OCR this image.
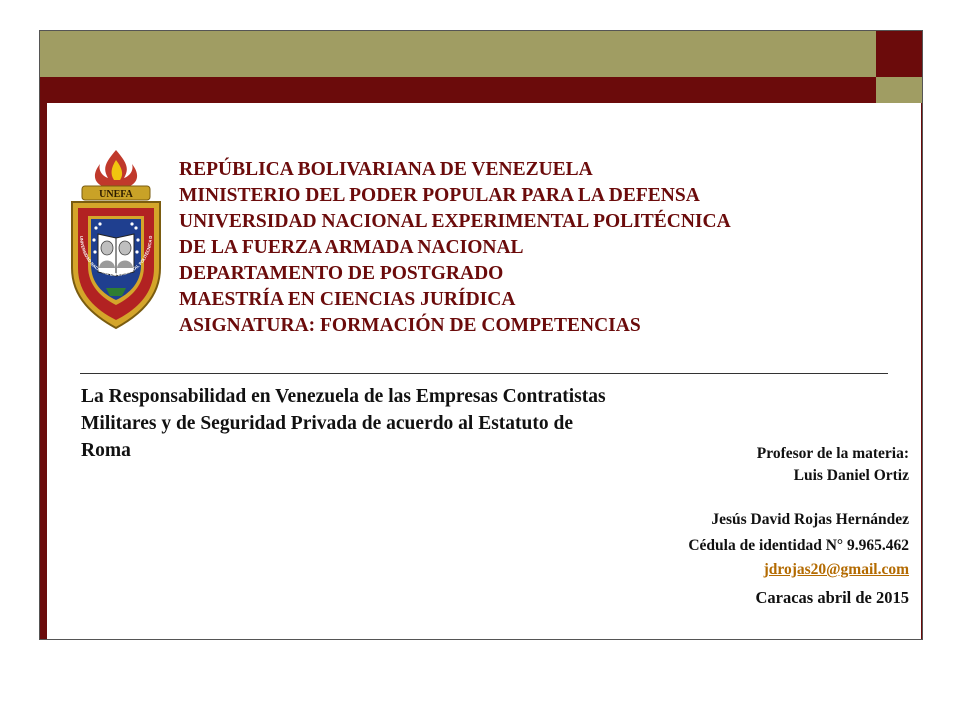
UNEFA
UNIVERSIDAD NACIONAL EXPERIMENTAL POLITÉCNICA D
REPÚBLICA BOLIVARIANA DE VENEZUELA
MINISTERIO DEL PODER POPULAR PARA LA DEFENSA
UNIVERSIDAD NACIONAL EXPERIMENTAL POLITÉCNICA
DE LA FUERZA ARMADA NACIONAL
DEPARTAMENTO DE POSTGRADO
MAESTRÍA EN CIENCIAS JURÍDICA
ASIGNATURA: FORMACIÓN DE COMPETENCIAS

La Responsabilidad en Venezuela de las Empresas Contratistas Militares y de Seguridad Privada de acuerdo al Estatuto de Roma	Profesor de la materia:
Luis Daniel Ortiz
Jesús David Rojas Hernández
Cédula de identidad N° 9.965.462
jdrojas20@gmail.com
Caracas abril de 2015
